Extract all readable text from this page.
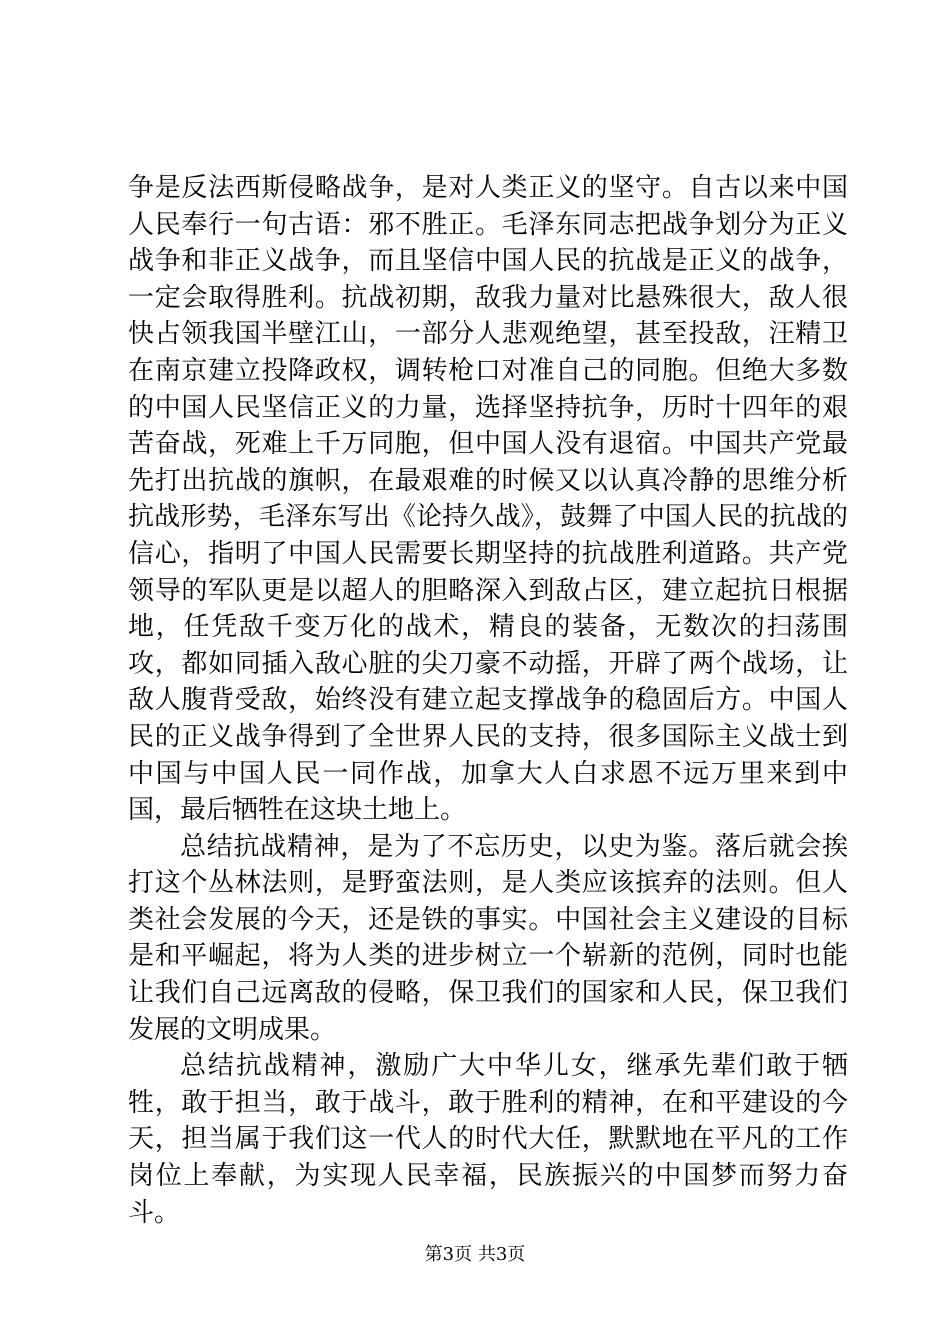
争是反法西斯侵略战争，是对人类正义的坚守。自古以来中国人民奉行一句古语：邪不胜正。毛泽东同志把战争划分为正义战争和非正义战争，而且坚信中国人民的抗战是正义的战争，一定会取得胜利。抗战初期，敌我力量对比悬殊很大，敌人很快占领我国半壁江山，一部分人悲观绝望，甚至投敌，汪精卫在南京建立投降政权，调转枪口对准自己的同胞。但绝大多数的中国人民坚信正义的力量，选择坚持抗争，历时十四年的艰苦奋战，死难上千万同胞，但中国人没有退宿。中国共产党最先打出抗战的旗帜，在最艰难的时候又以认真冷静的思维分析抗战形势，毛泽东写出《论持久战》，鼓舞了中国人民的抗战的信心，指明了中国人民需要长期坚持的抗战胜利道路。共产党领导的军队更是以超人的胆略深入到敌占区，建立起抗日根据地，任凭敌千变万化的战术，精良的装备，无数次的扫荡围攻，都如同插入敌心脏的尖刀豪不动摇，开辟了两个战场，让敌人腹背受敌，始终没有建立起支撑战争的稳固后方。中国人民的正义战争得到了全世界人民的支持，很多国际主义战士到中国与中国人民一同作战，加拿大人白求恩不远万里来到中国，最后牺牲在这块土地上。

总结抗战精神，是为了不忘历史，以史为鉴。落后就会挨打这个丛林法则，是野蛮法则，是人类应该摈弃的法则。但人类社会发展的今天，还是铁的事实。中国社会主义建设的目标是和平崛起，将为人类的进步树立一个崭新的范例，同时也能让我们自己远离敌的侵略，保卫我们的国家和人民，保卫我们发展的文明成果。

总结抗战精神，激励广大中华儿女，继承先辈们敢于牺牲，敢于担当，敢于战斗，敢于胜利的精神，在和平建设的今天，担当属于我们这一代人的时代大任，默默地在平凡的工作岗位上奉献，为实现人民幸福，民族振兴的中国梦而努力奋斗。

第3页 共3页
